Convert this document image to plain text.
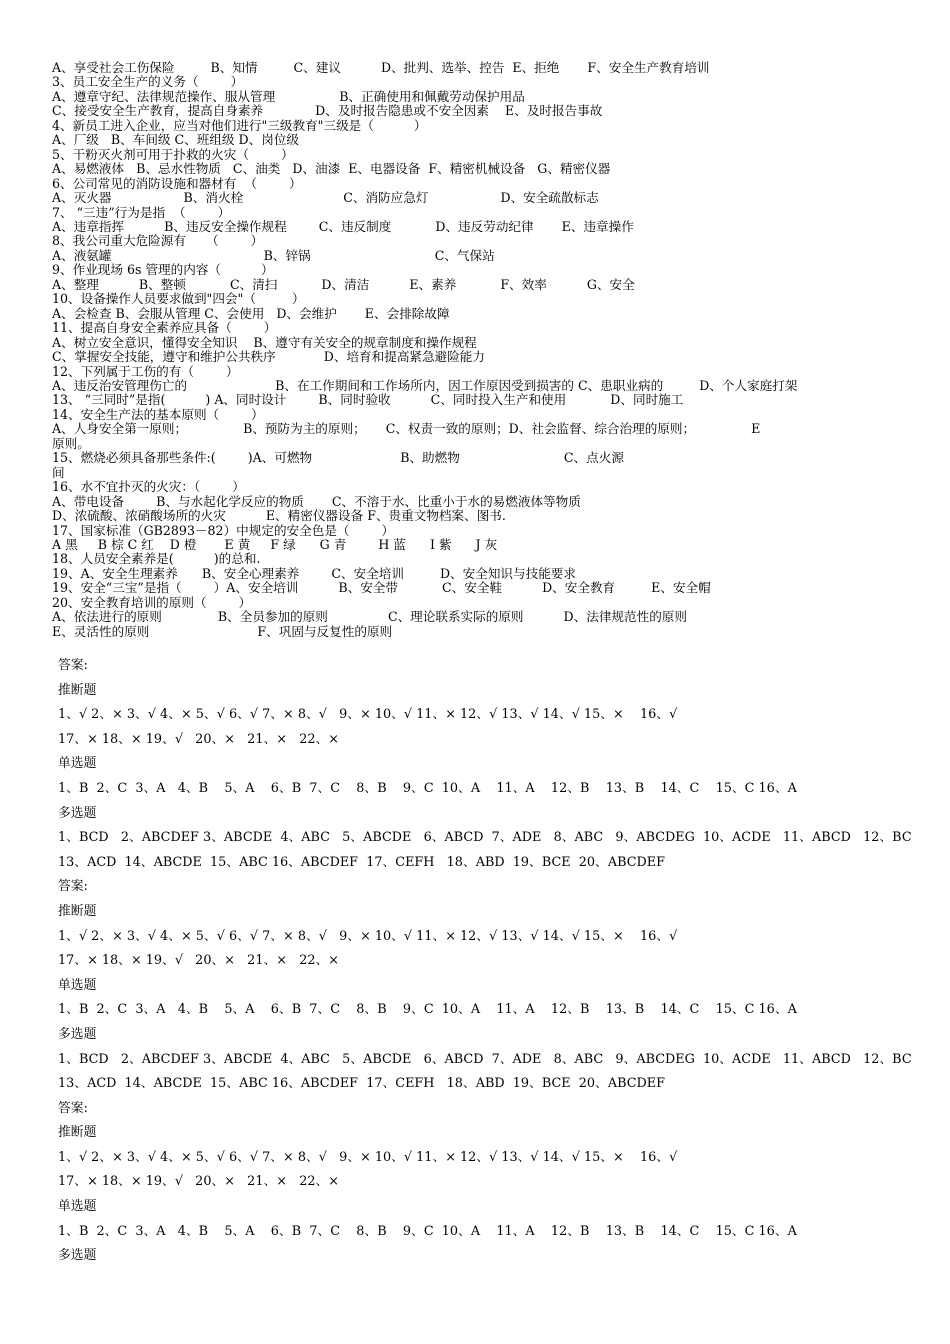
A、享受社会工伤保险         B、知情         C、建议          D、批判、选举、控告  E、拒绝       F、安全生产教育培训
3、员工安全生产的义务（        ）
A、遵章守纪、法律规范操作、服从管理                B、正确使用和佩戴劳动保护用品
C、接受安全生产教育，提高自身素养             D、及时报告隐患或不安全因素    E、及时报告事故
4、新员工进入企业，应当对他们进行"三级教育"三级是（          ）
A、厂级   B、车间级 C、班组级 D、岗位级
5、干粉灭火剂可用于扑救的火灾（        ）
A、易燃液体   B、忌水性物质   C、油类   D、油漆  E、电器设备  F、精密机械设备   G、精密仪器
6、公司常见的消防设施和器材有  （        ）
A、灭火器                  B、消火栓                         C、消防应急灯                  D、安全疏散标志
7、 “三违”行为是指  （        ）
A、违章指挥          B、违反安全操作规程        C、违反制度           D、违反劳动纪律       E、违章操作
8、我公司重大危险源有     （        ）
A、液氨罐                                      B、锌锅                               C、气保站
9、作业现场 6s 管理的内容（          ）
A、整理          B、整顿           C、清扫           D、清洁          E、素养           F、效率          G、安全
10、设备操作人员要求做到"四会"（         ）
A、会检查 B、会服从管理 C、会使用   D、会维护       E、会排除故障
11、提高自身安全素养应具备（        ）
A、树立安全意识，懂得安全知识    B、遵守有关安全的规章制度和操作规程
C、掌握安全技能，遵守和维护公共秩序            D、培育和提高紧急避险能力
12、下列属于工伤的有（        ）
A、违反治安管理伤亡的                      B、在工作期间和工作场所内，因工作原因受到损害的 C、患职业病的         D、个人家庭打架
13、 “三同时”是指(          ) A、同时设计        B、同时验收          C、同时投入生产和使用           D、同时施工
14、安全生产法的基本原则（        ）
A、人身安全第一原则；              B、预防为主的原则；     C、权责一致的原则；D、社会监督、综合治理的原则；              E
原则。
15、燃烧必须具备那些条件:(        )A、可燃物                      B、助燃物                          C、点火源
间
16、水不宜扑灭的火灾：（        ）
A、带电设备        B、与水起化学反应的物质       C、不溶于水、比重小于水的易燃液体等物质
D、浓硫酸、浓硝酸场所的火灾          E、精密仪器设备 F、贵重文物档案、图书.
17、国家标准（GB2893－82）中规定的安全色是（        ）
A 黑     B 棕 C 红    D 橙       E 黄     F 绿      G 青        H 蓝      I 紫      J 灰
18、人员安全素养是(          )的总和.
19、A、安全生理素养      B、安全心理素养        C、安全培训         D、安全知识与技能要求
19、安全“三宝”是指（        ）A、安全培训          B、安全带           C、安全鞋          D、安全教育         E、安全帽
20、安全教育培训的原则（        ）
A、依法进行的原则              B、全员参加的原则               C、理论联系实际的原则          D、法律规范性的原则
E、灵活性的原则                           F、巩固与反复性的原则
答案:
推断题
1、√ 2、× 3、√ 4、× 5、√ 6、√ 7、× 8、√   9、× 10、√ 11、× 12、√ 13、√ 14、√ 15、×    16、√
17、× 18、× 19、√   20、×   21、×   22、×
单选题
1、B  2、C  3、A   4、B    5、A    6、B  7、C    8、B    9、C  10、A    11、A    12、B    13、B    14、C    15、C 16、A
多选题
1、BCD   2、ABCDEF 3、ABCDE  4、ABC   5、ABCDE   6、ABCD  7、ADE   8、ABC   9、ABCDEG  10、ACDE   11、ABCD   12、BC
13、ACD  14、ABCDE  15、ABC 16、ABCDEF  17、CEFH   18、ABD  19、BCE  20、ABCDEF
答案:
推断题
1、√ 2、× 3、√ 4、× 5、√ 6、√ 7、× 8、√   9、× 10、√ 11、× 12、√ 13、√ 14、√ 15、×    16、√
17、× 18、× 19、√   20、×   21、×   22、×
单选题
1、B  2、C  3、A   4、B    5、A    6、B  7、C    8、B    9、C  10、A    11、A    12、B    13、B    14、C    15、C 16、A
多选题
1、BCD   2、ABCDEF 3、ABCDE  4、ABC   5、ABCDE   6、ABCD  7、ADE   8、ABC   9、ABCDEG  10、ACDE   11、ABCD   12、BC
13、ACD  14、ABCDE  15、ABC 16、ABCDEF  17、CEFH   18、ABD  19、BCE  20、ABCDEF
答案:
推断题
1、√ 2、× 3、√ 4、× 5、√ 6、√ 7、× 8、√   9、× 10、√ 11、× 12、√ 13、√ 14、√ 15、×    16、√
17、× 18、× 19、√   20、×   21、×   22、×
单选题
1、B  2、C  3、A   4、B    5、A    6、B  7、C    8、B    9、C  10、A    11、A    12、B    13、B    14、C    15、C 16、A
多选题
